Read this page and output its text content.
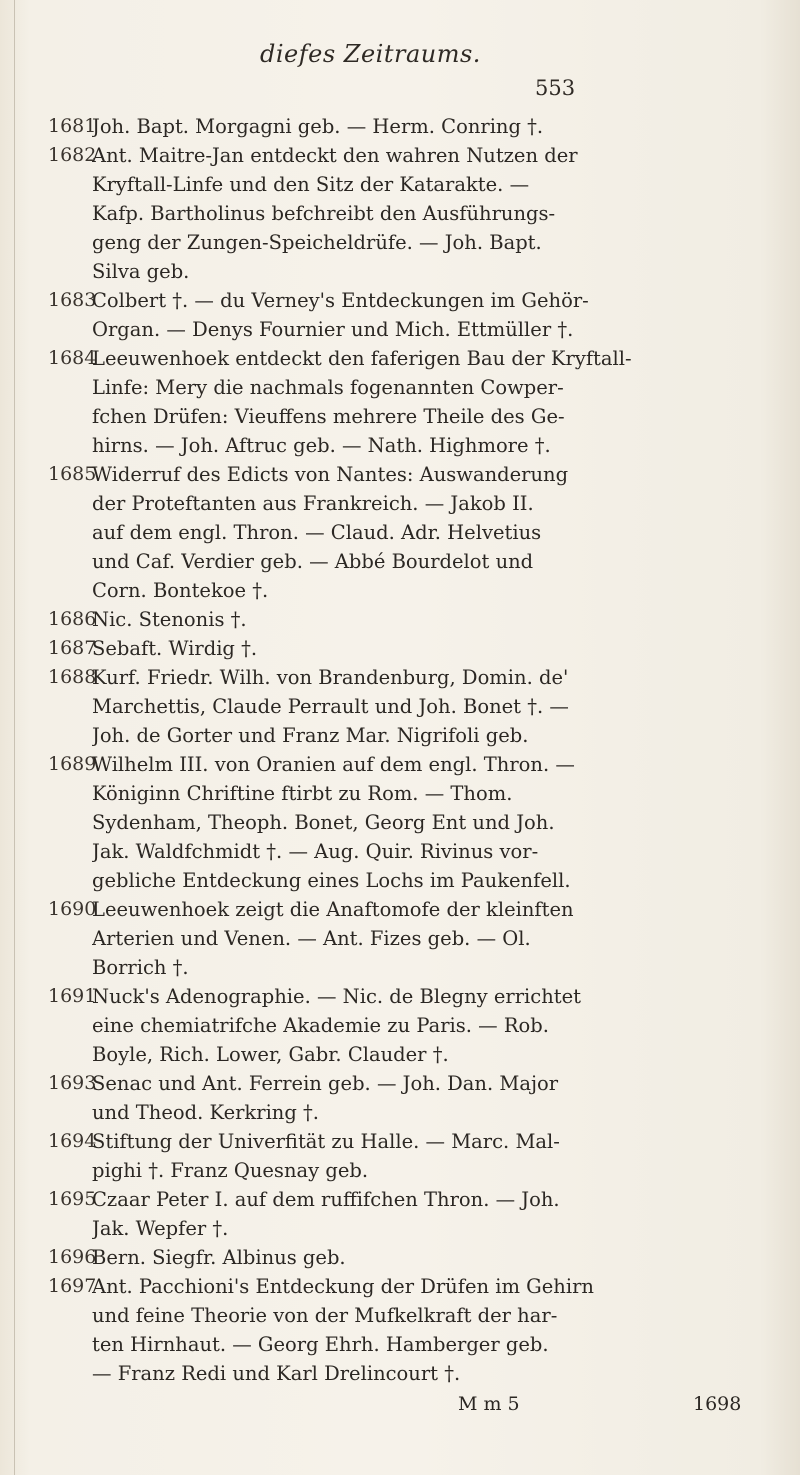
diefes Zeitraums.
553
1681
Joh. Bapt. Morgagni geb. — Herm. Conring †.
1682
Ant. Maitre-Jan entdeckt den wahren Nutzen der
Kryftall-Linfe und den Sitz der Katarakte. —
Kafp. Bartholinus befchreibt den Ausführungs-
geng der Zungen-Speicheldrüfe. — Joh. Bapt.
Silva geb.
1683
Colbert †. — du Verney's Entdeckungen im Gehör-
Organ. — Denys Fournier und Mich. Ettmüller †.
1684
Leeuwenhoek entdeckt den faferigen Bau der Kryftall-
Linfe: Mery die nachmals fogenannten Cowper-
fchen Drüfen: Vieuffens mehrere Theile des Ge-
hirns. — Joh. Aftruc geb. — Nath. Highmore †.
1685
Widerruf des Edicts von Nantes: Auswanderung
der Proteftanten aus Frankreich. — Jakob II.
auf dem engl. Thron. — Claud. Adr. Helvetius
und Caf. Verdier geb. — Abbé Bourdelot und
Corn. Bontekoe †.
1686
Nic. Stenonis †.
1687
Sebaft. Wirdig †.
1688
Kurf. Friedr. Wilh. von Brandenburg, Domin. de'
Marchettis, Claude Perrault und Joh. Bonet †. —
Joh. de Gorter und Franz Mar. Nigrifoli geb.
1689
Wilhelm III. von Oranien auf dem engl. Thron. —
Königinn Chriftine ftirbt zu Rom. — Thom.
Sydenham, Theoph. Bonet, Georg Ent und Joh.
Jak. Waldfchmidt †. — Aug. Quir. Rivinus vor-
gebliche Entdeckung eines Lochs im Paukenfell.
1690
Leeuwenhoek zeigt die Anaftomofe der kleinften
Arterien und Venen. — Ant. Fizes geb. — Ol.
Borrich †.
1691
Nuck's Adenographie. — Nic. de Blegny errichtet
eine chemiatrifche Akademie zu Paris. — Rob.
Boyle, Rich. Lower, Gabr. Clauder †.
1693
Senac und Ant. Ferrein geb. — Joh. Dan. Major
und Theod. Kerkring †.
1694
Stiftung der Univerfität zu Halle. — Marc. Mal-
pighi †. Franz Quesnay geb.
1695
Czaar Peter I. auf dem ruffifchen Thron. — Joh.
Jak. Wepfer †.
1696
Bern. Siegfr. Albinus geb.
1697
Ant. Pacchioni's Entdeckung der Drüfen im Gehirn
und feine Theorie von der Mufkelkraft der har-
ten Hirnhaut. — Georg Ehrh. Hamberger geb.
— Franz Redi und Karl Drelincourt †.
M m 5	1698
